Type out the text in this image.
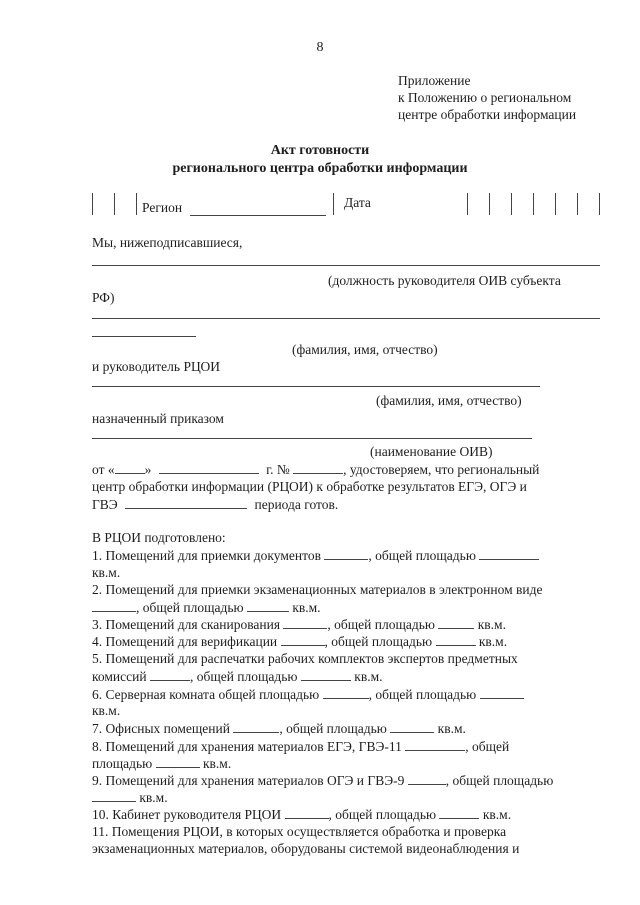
8
Приложение
к Положению о региональном
центре обработки информации
Акт готовности
регионального центра обработки информации
Регион	Дата
Мы, нижеподписавшиеся,
(должность руководителя ОИВ субъекта
РФ)
(фамилия, имя, отчество)
и руководитель РЦОИ
(фамилия, имя, отчество)
назначенный приказом
(наименование ОИВ)
от « »	г. №	, удостоверяем, что региональный
центр обработки информации (РЦОИ) к обработке результатов ЕГЭ, ОГЭ и
ГВЭ	периода готов.
В РЦОИ подготовлено:
1. Помещений для приемки документов	, общей площадью
кв.м.
2. Помещений для приемки экзаменационных материалов в электронном виде
, общей площадью	кв.м.
3. Помещений для сканирования	, общей площадью	кв.м.
4. Помещений для верификации	, общей площадью	кв.м.
5. Помещений для распечатки рабочих комплектов экспертов предметных
комиссий	, общей площадью	кв.м.
6. Серверная комната общей площадью	, общей площадью
кв.м.
7. Офисных помещений	, общей площадью	кв.м.
8. Помещений для хранения материалов ЕГЭ, ГВЭ-11	, общей
площадью	кв.м.
9. Помещений для хранения материалов ОГЭ и ГВЭ-9	, общей площадью
кв.м.
10. Кабинет руководителя РЦОИ	, общей площадью	кв.м.
11. Помещения РЦОИ, в которых осуществляется обработка и проверка
экзаменационных материалов, оборудованы системой видеонаблюдения и
